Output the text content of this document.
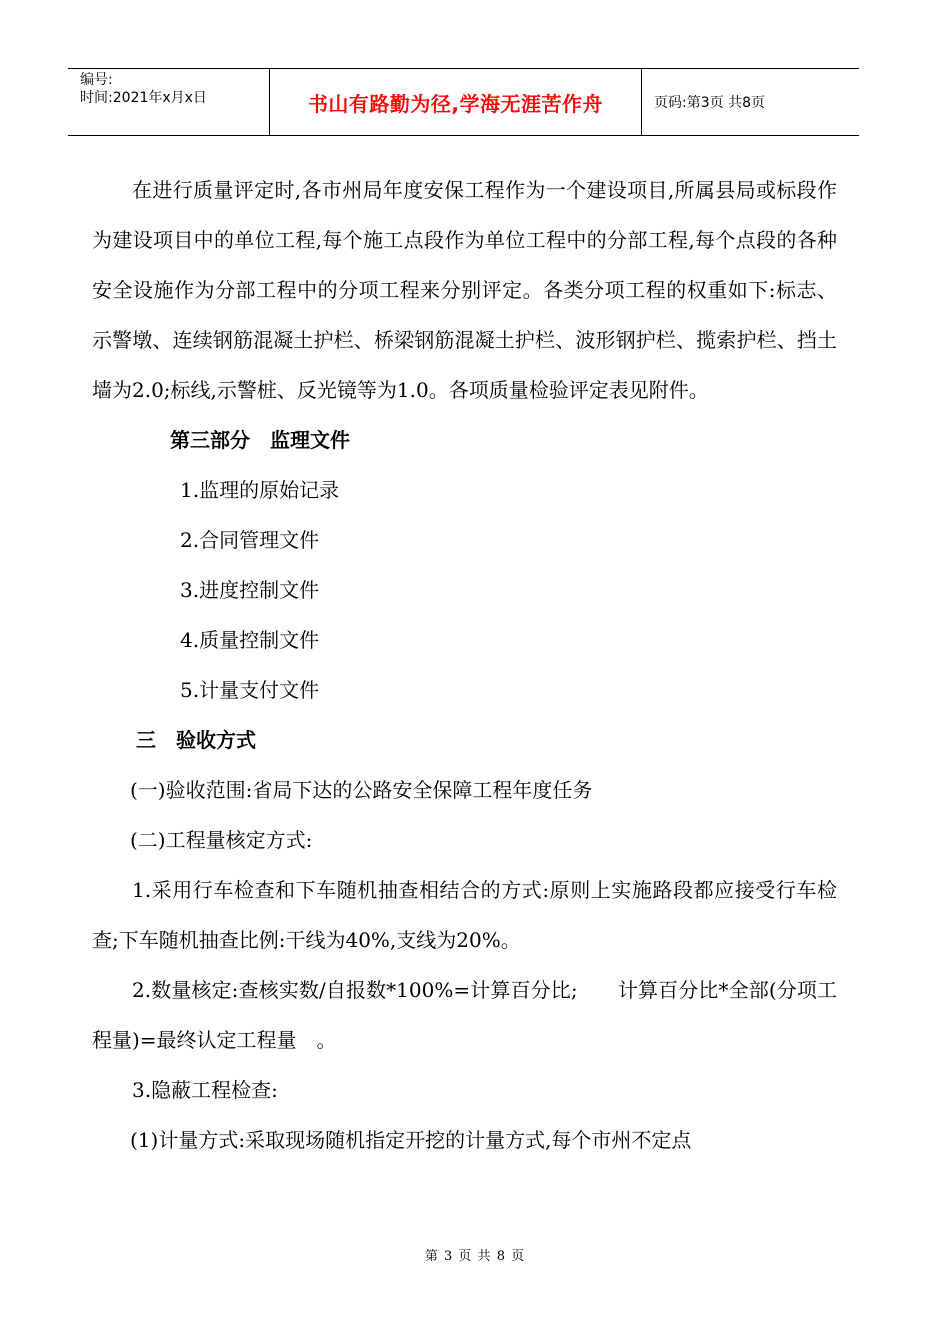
编号:
时间:2021年x月x日	书山有路勤为径,学海无涯苦作舟	页码:第3页 共8页

在进行质量评定时,各市州局年度安保工程作为一个建设项目,所属县局或标段作为建设项目中的单位工程,每个施工点段作为单位工程中的分部工程,每个点段的各种安全设施作为分部工程中的分项工程来分别评定。各类分项工程的权重如下:标志、示警墩、连续钢筋混凝土护栏、桥梁钢筋混凝土护栏、波形钢护栏、揽索护栏、挡土墙为2.0;标线,示警桩、反光镜等为1.0。各项质量检验评定表见附件。

第三部分　监理文件

1.监理的原始记录

2.合同管理文件

3.进度控制文件

4.质量控制文件

5.计量支付文件

三　验收方式

(一)验收范围:省局下达的公路安全保障工程年度任务

(二)工程量核定方式:

1.采用行车检查和下车随机抽查相结合的方式:原则上实施路段都应接受行车检查;下车随机抽查比例:干线为40%,支线为20%。

2.数量核定:查核实数/自报数*100%=计算百分比;　　计算百分比*全部(分项工程量)=最终认定工程量　。

3.隐蔽工程检查:

(1)计量方式:采取现场随机指定开挖的计量方式,每个市州不定点

第 3 页 共 8 页
